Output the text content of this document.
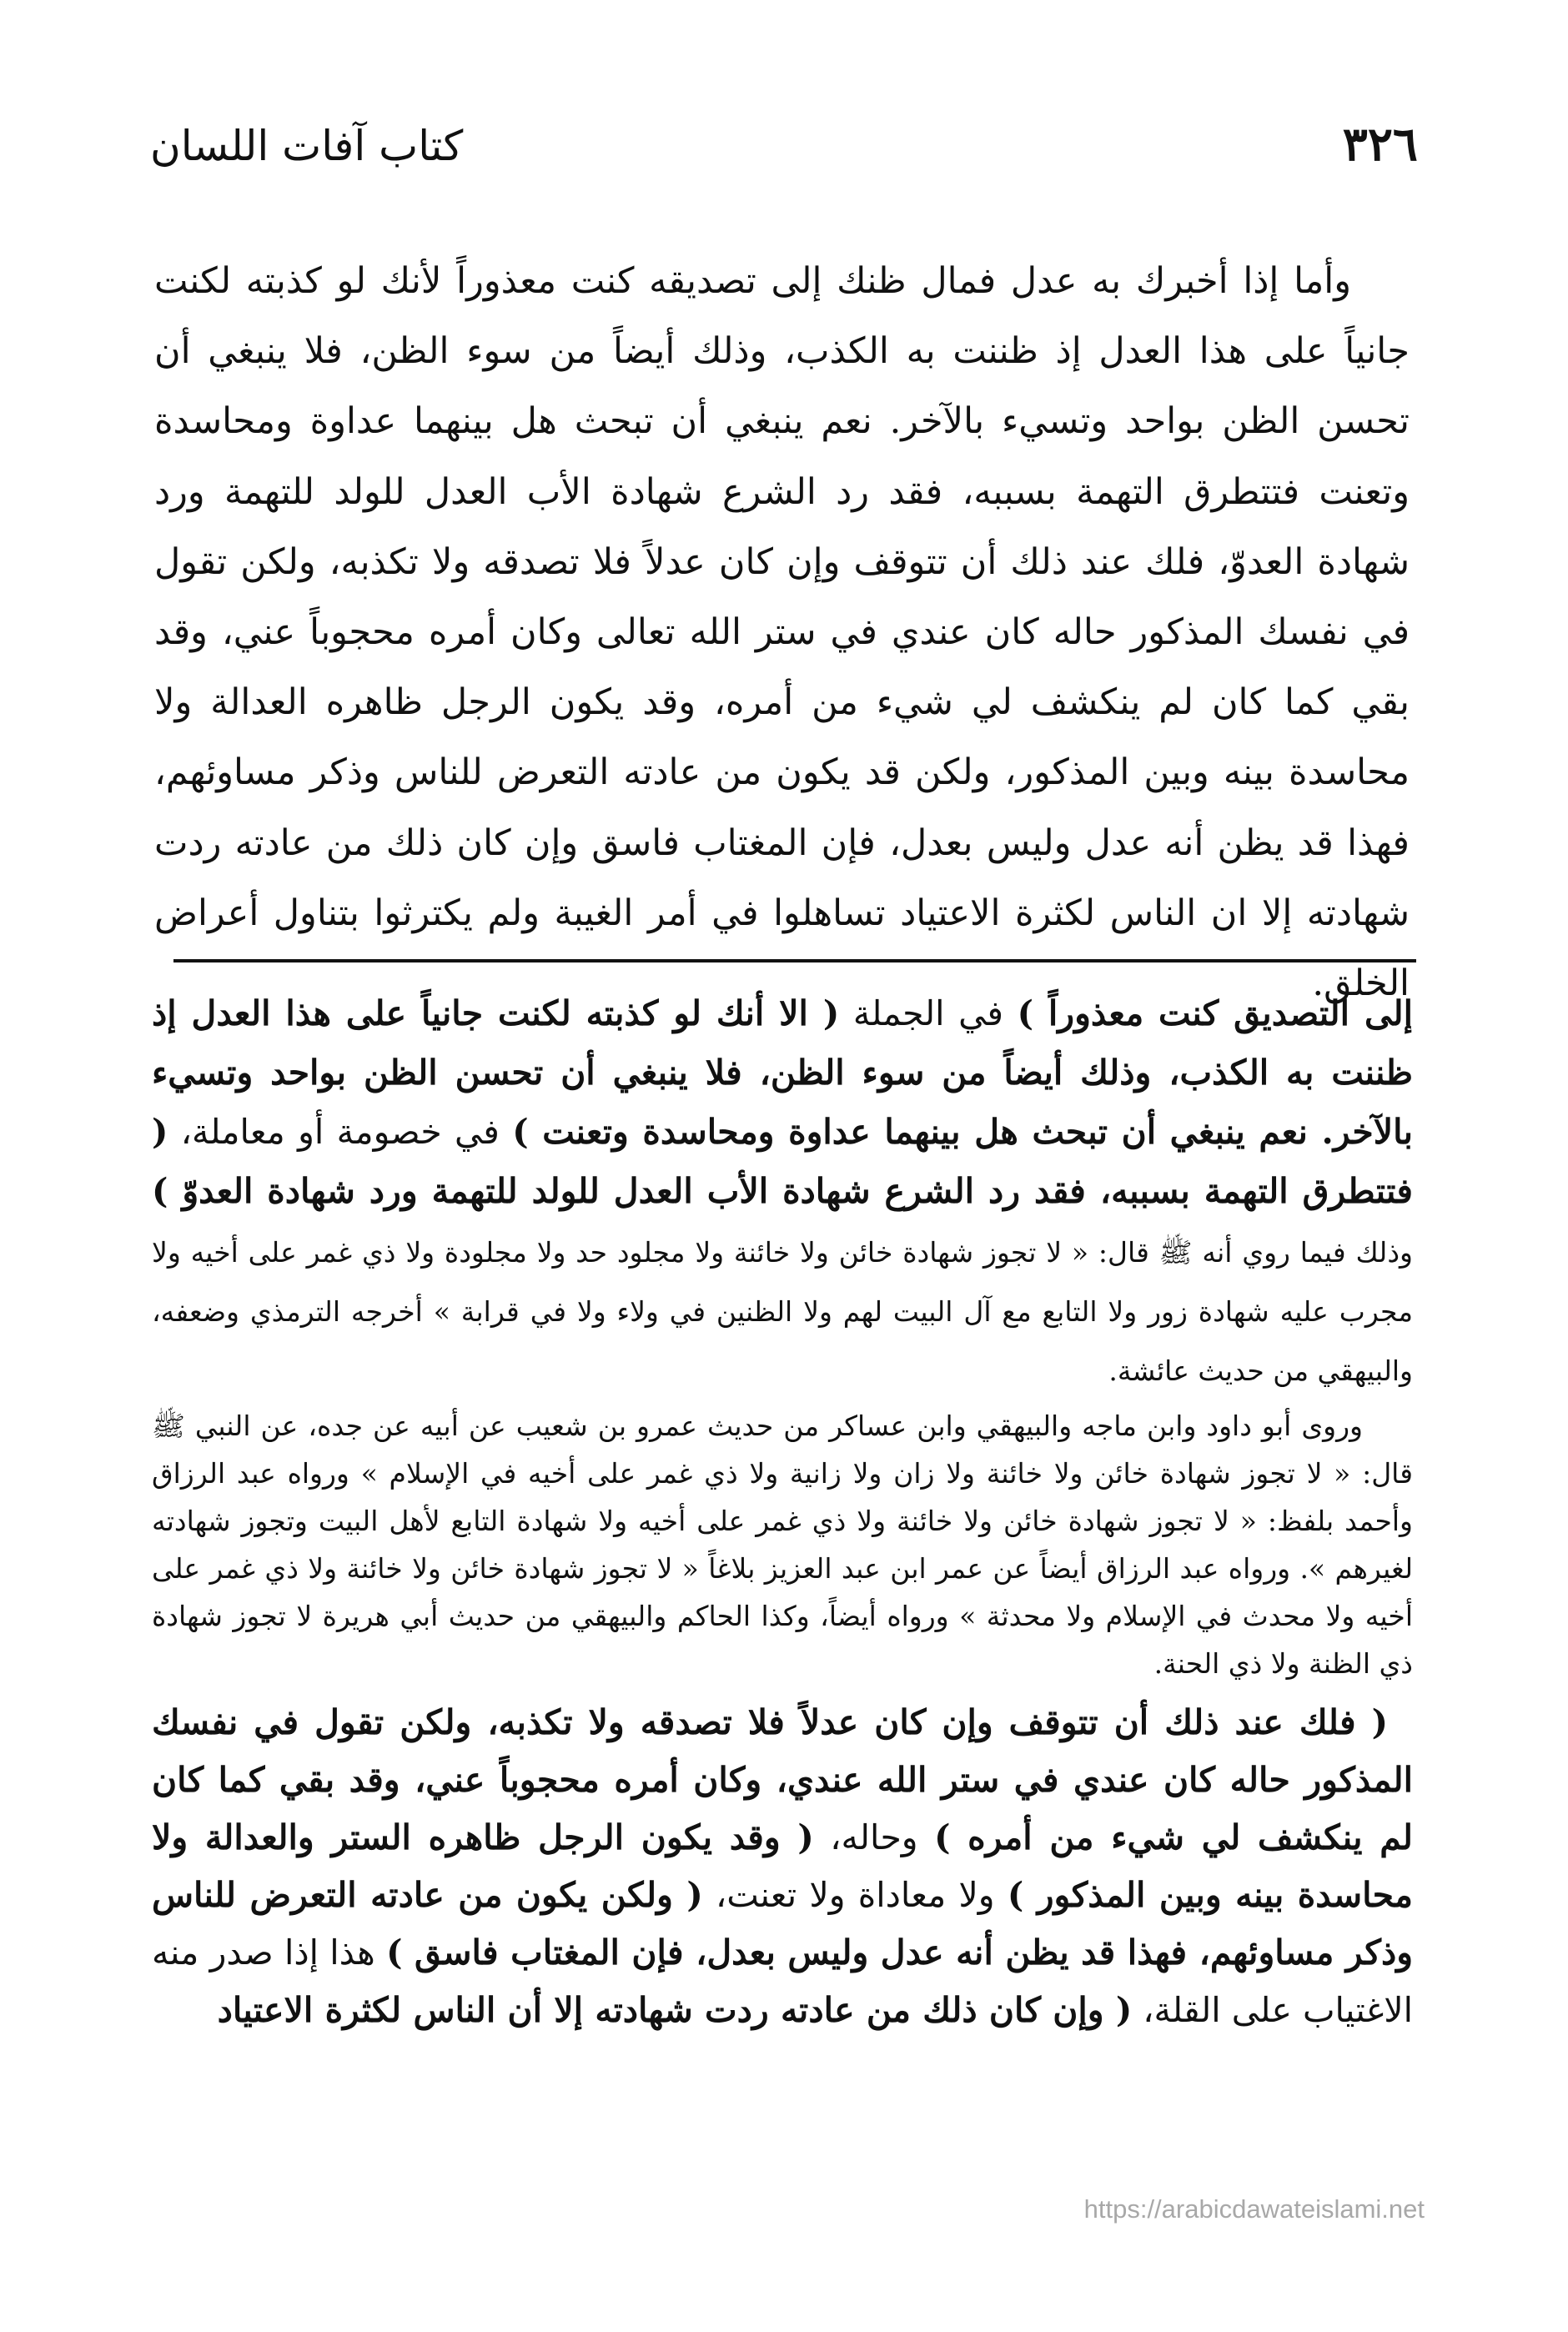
٣٢٦
كتاب آفات اللسان

وأما إذا أخبرك به عدل فمال ظنك إلى تصديقه كنت معذوراً لأنك لو كذبته لكنت جانياً على هذا العدل إذ ظننت به الكذب، وذلك أيضاً من سوء الظن، فلا ينبغي أن تحسن الظن بواحد وتسيء بالآخر. نعم ينبغي أن تبحث هل بينهما عداوة ومحاسدة وتعنت فتتطرق التهمة بسببه، فقد رد الشرع شهادة الأب العدل للولد للتهمة ورد شهادة العدوّ، فلك عند ذلك أن تتوقف وإن كان عدلاً فلا تصدقه ولا تكذبه، ولكن تقول في نفسك المذكور حاله كان عندي في ستر الله تعالى وكان أمره محجوباً عني، وقد بقي كما كان لم ينكشف لي شيء من أمره، وقد يكون الرجل ظاهره العدالة ولا محاسدة بينه وبين المذكور، ولكن قد يكون من عادته التعرض للناس وذكر مساوئهم، فهذا قد يظن أنه عدل وليس بعدل، فإن المغتاب فاسق وإن كان ذلك من عادته ردت شهادته إلا ان الناس لكثرة الاعتياد تساهلوا في أمر الغيبة ولم يكترثوا بتناول أعراض الخلق.

إلى التصديق كنت معذوراً ) في الجملة ( الا أنك لو كذبته لكنت جانياً على هذا العدل إذ ظننت به الكذب، وذلك أيضاً من سوء الظن، فلا ينبغي أن تحسن الظن بواحد وتسيء بالآخر. نعم ينبغي أن تبحث هل بينهما عداوة ومحاسدة وتعنت ) في خصومة أو معاملة، ( فتتطرق التهمة بسببه، فقد رد الشرع شهادة الأب العدل للولد للتهمة ورد شهادة العدوّ ) وذلك فيما روي أنه ﷺ قال: « لا تجوز شهادة خائن ولا خائنة ولا مجلود حد ولا مجلودة ولا ذي غمر على أخيه ولا مجرب عليه شهادة زور ولا التابع مع آل البيت لهم ولا الظنين في ولاء ولا في قرابة » أخرجه الترمذي وضعفه، والبيهقي من حديث عائشة.

وروى أبو داود وابن ماجه والبيهقي وابن عساكر من حديث عمرو بن شعيب عن أبيه عن جده، عن النبي ﷺ قال: « لا تجوز شهادة خائن ولا خائنة ولا زان ولا زانية ولا ذي غمر على أخيه في الإسلام » ورواه عبد الرزاق وأحمد بلفظ: « لا تجوز شهادة خائن ولا خائنة ولا ذي غمر على أخيه ولا شهادة التابع لأهل البيت وتجوز شهادته لغيرهم ». ورواه عبد الرزاق أيضاً عن عمر ابن عبد العزيز بلاغاً « لا تجوز شهادة خائن ولا خائنة ولا ذي غمر على أخيه ولا محدث في الإسلام ولا محدثة » ورواه أيضاً، وكذا الحاكم والبيهقي من حديث أبي هريرة لا تجوز شهادة ذي الظنة ولا ذي الحنة.

( فلك عند ذلك أن تتوقف وإن كان عدلاً فلا تصدقه ولا تكذبه، ولكن تقول في نفسك المذكور حاله كان عندي في ستر الله عندي، وكان أمره محجوباً عني، وقد بقي كما كان لم ينكشف لي شيء من أمره ) وحاله، ( وقد يكون الرجل ظاهره الستر والعدالة ولا محاسدة بينه وبين المذكور ) ولا معاداة ولا تعنت، ( ولكن يكون من عادته التعرض للناس وذكر مساوئهم، فهذا قد يظن أنه عدل وليس بعدل، فإن المغتاب فاسق ) هذا إذا صدر منه الاغتياب على القلة، ( وإن كان ذلك من عادته ردت شهادته إلا أن الناس لكثرة الاعتياد

https://arabicdawateislami.net
